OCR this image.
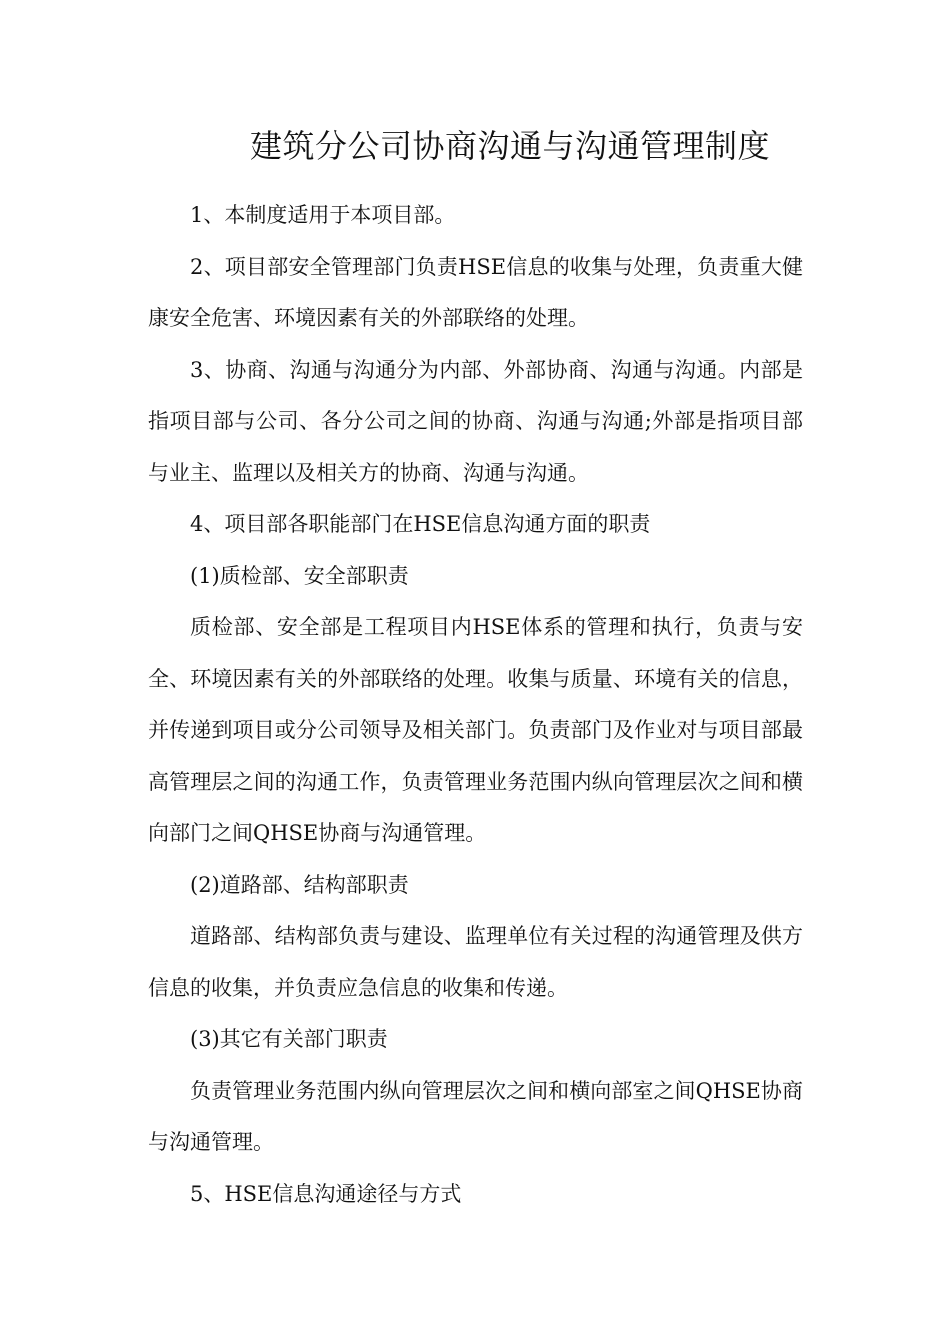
建筑分公司协商沟通与沟通管理制度

1、本制度适用于本项目部。

2、项目部安全管理部门负责HSE信息的收集与处理，负责重大健康安全危害、环境因素有关的外部联络的处理。

3、协商、沟通与沟通分为内部、外部协商、沟通与沟通。内部是指项目部与公司、各分公司之间的协商、沟通与沟通;外部是指项目部与业主、监理以及相关方的协商、沟通与沟通。

4、项目部各职能部门在HSE信息沟通方面的职责

(1)质检部、安全部职责

质检部、安全部是工程项目内HSE体系的管理和执行，负责与安全、环境因素有关的外部联络的处理。收集与质量、环境有关的信息，并传递到项目或分公司领导及相关部门。负责部门及作业对与项目部最高管理层之间的沟通工作，负责管理业务范围内纵向管理层次之间和横向部门之间QHSE协商与沟通管理。

(2)道路部、结构部职责

道路部、结构部负责与建设、监理单位有关过程的沟通管理及供方信息的收集，并负责应急信息的收集和传递。

(3)其它有关部门职责

负责管理业务范围内纵向管理层次之间和横向部室之间QHSE协商与沟通管理。

5、HSE信息沟通途径与方式
